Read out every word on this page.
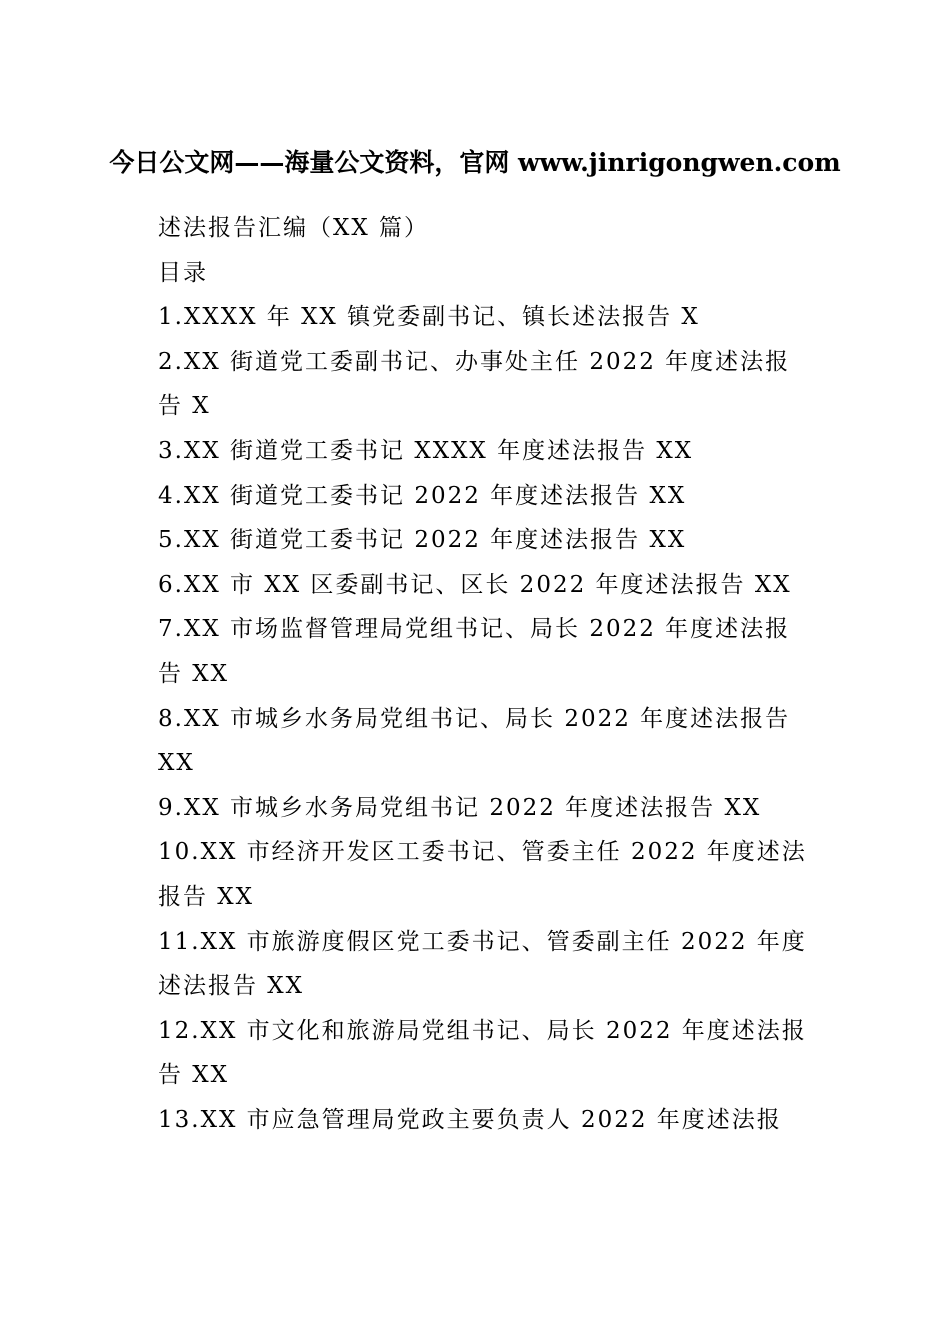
今日公文网——海量公文资料，官网 www.jinrigongwen.com
述法报告汇编（XX 篇）
目录
1.XXXX 年 XX 镇党委副书记、镇长述法报告 X
2.XX 街道党工委副书记、办事处主任 2022 年度述法报
告 X
3.XX 街道党工委书记 XXXX 年度述法报告 XX
4.XX 街道党工委书记 2022 年度述法报告 XX
5.XX 街道党工委书记 2022 年度述法报告 XX
6.XX 市 XX 区委副书记、区长 2022 年度述法报告 XX
7.XX 市场监督管理局党组书记、局长 2022 年度述法报
告 XX
8.XX 市城乡水务局党组书记、局长 2022 年度述法报告
XX
9.XX 市城乡水务局党组书记 2022 年度述法报告 XX
10.XX 市经济开发区工委书记、管委主任 2022 年度述法
报告 XX
11.XX 市旅游度假区党工委书记、管委副主任 2022 年度
述法报告 XX
12.XX 市文化和旅游局党组书记、局长 2022 年度述法报
告 XX
13.XX 市应急管理局党政主要负责人 2022 年度述法报
